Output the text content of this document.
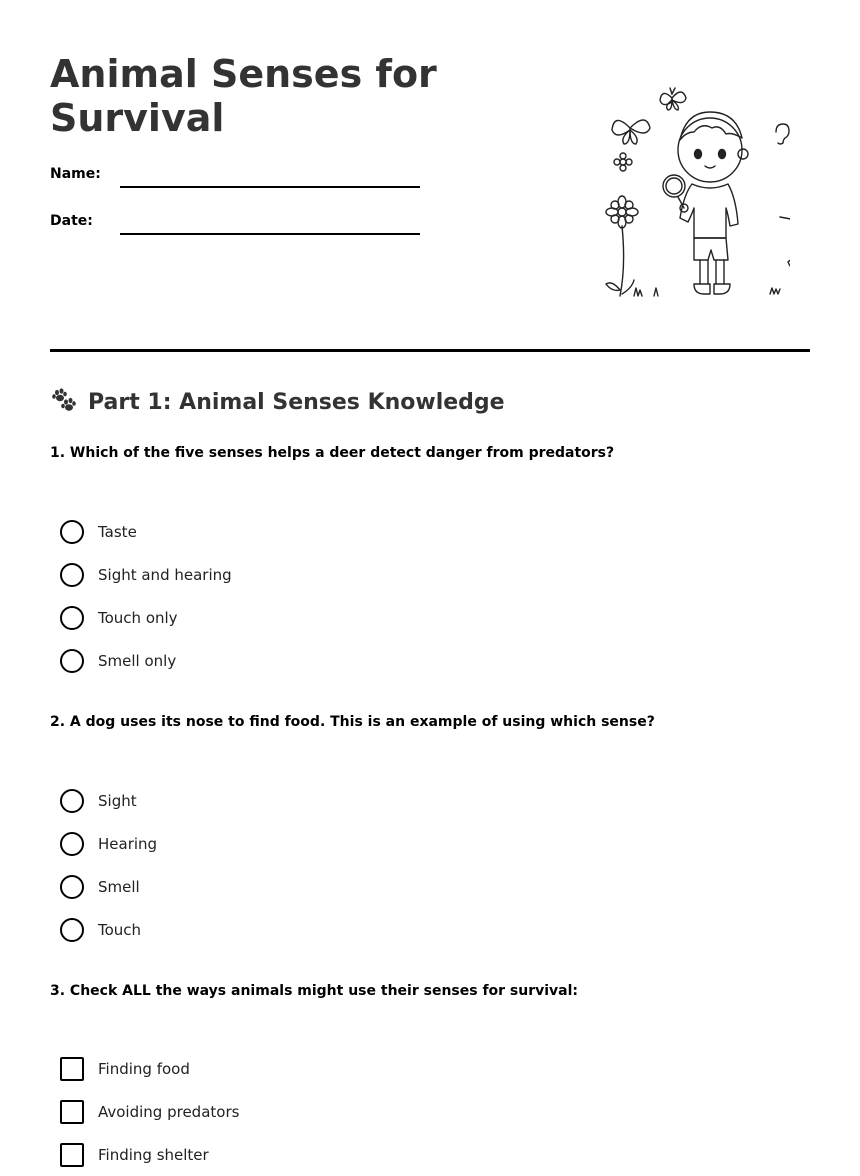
Animal Senses for
Survival
Name:
Date:
Part 1: Animal Senses Knowledge

1. Which of the five senses helps a deer detect danger from predators?

Taste
Sight and hearing
Touch only
Smell only

2. A dog uses its nose to find food. This is an example of using which sense?

Sight
Hearing
Smell
Touch

3. Check ALL the ways animals might use their senses for survival:

Finding food
Avoiding predators
Finding shelter
